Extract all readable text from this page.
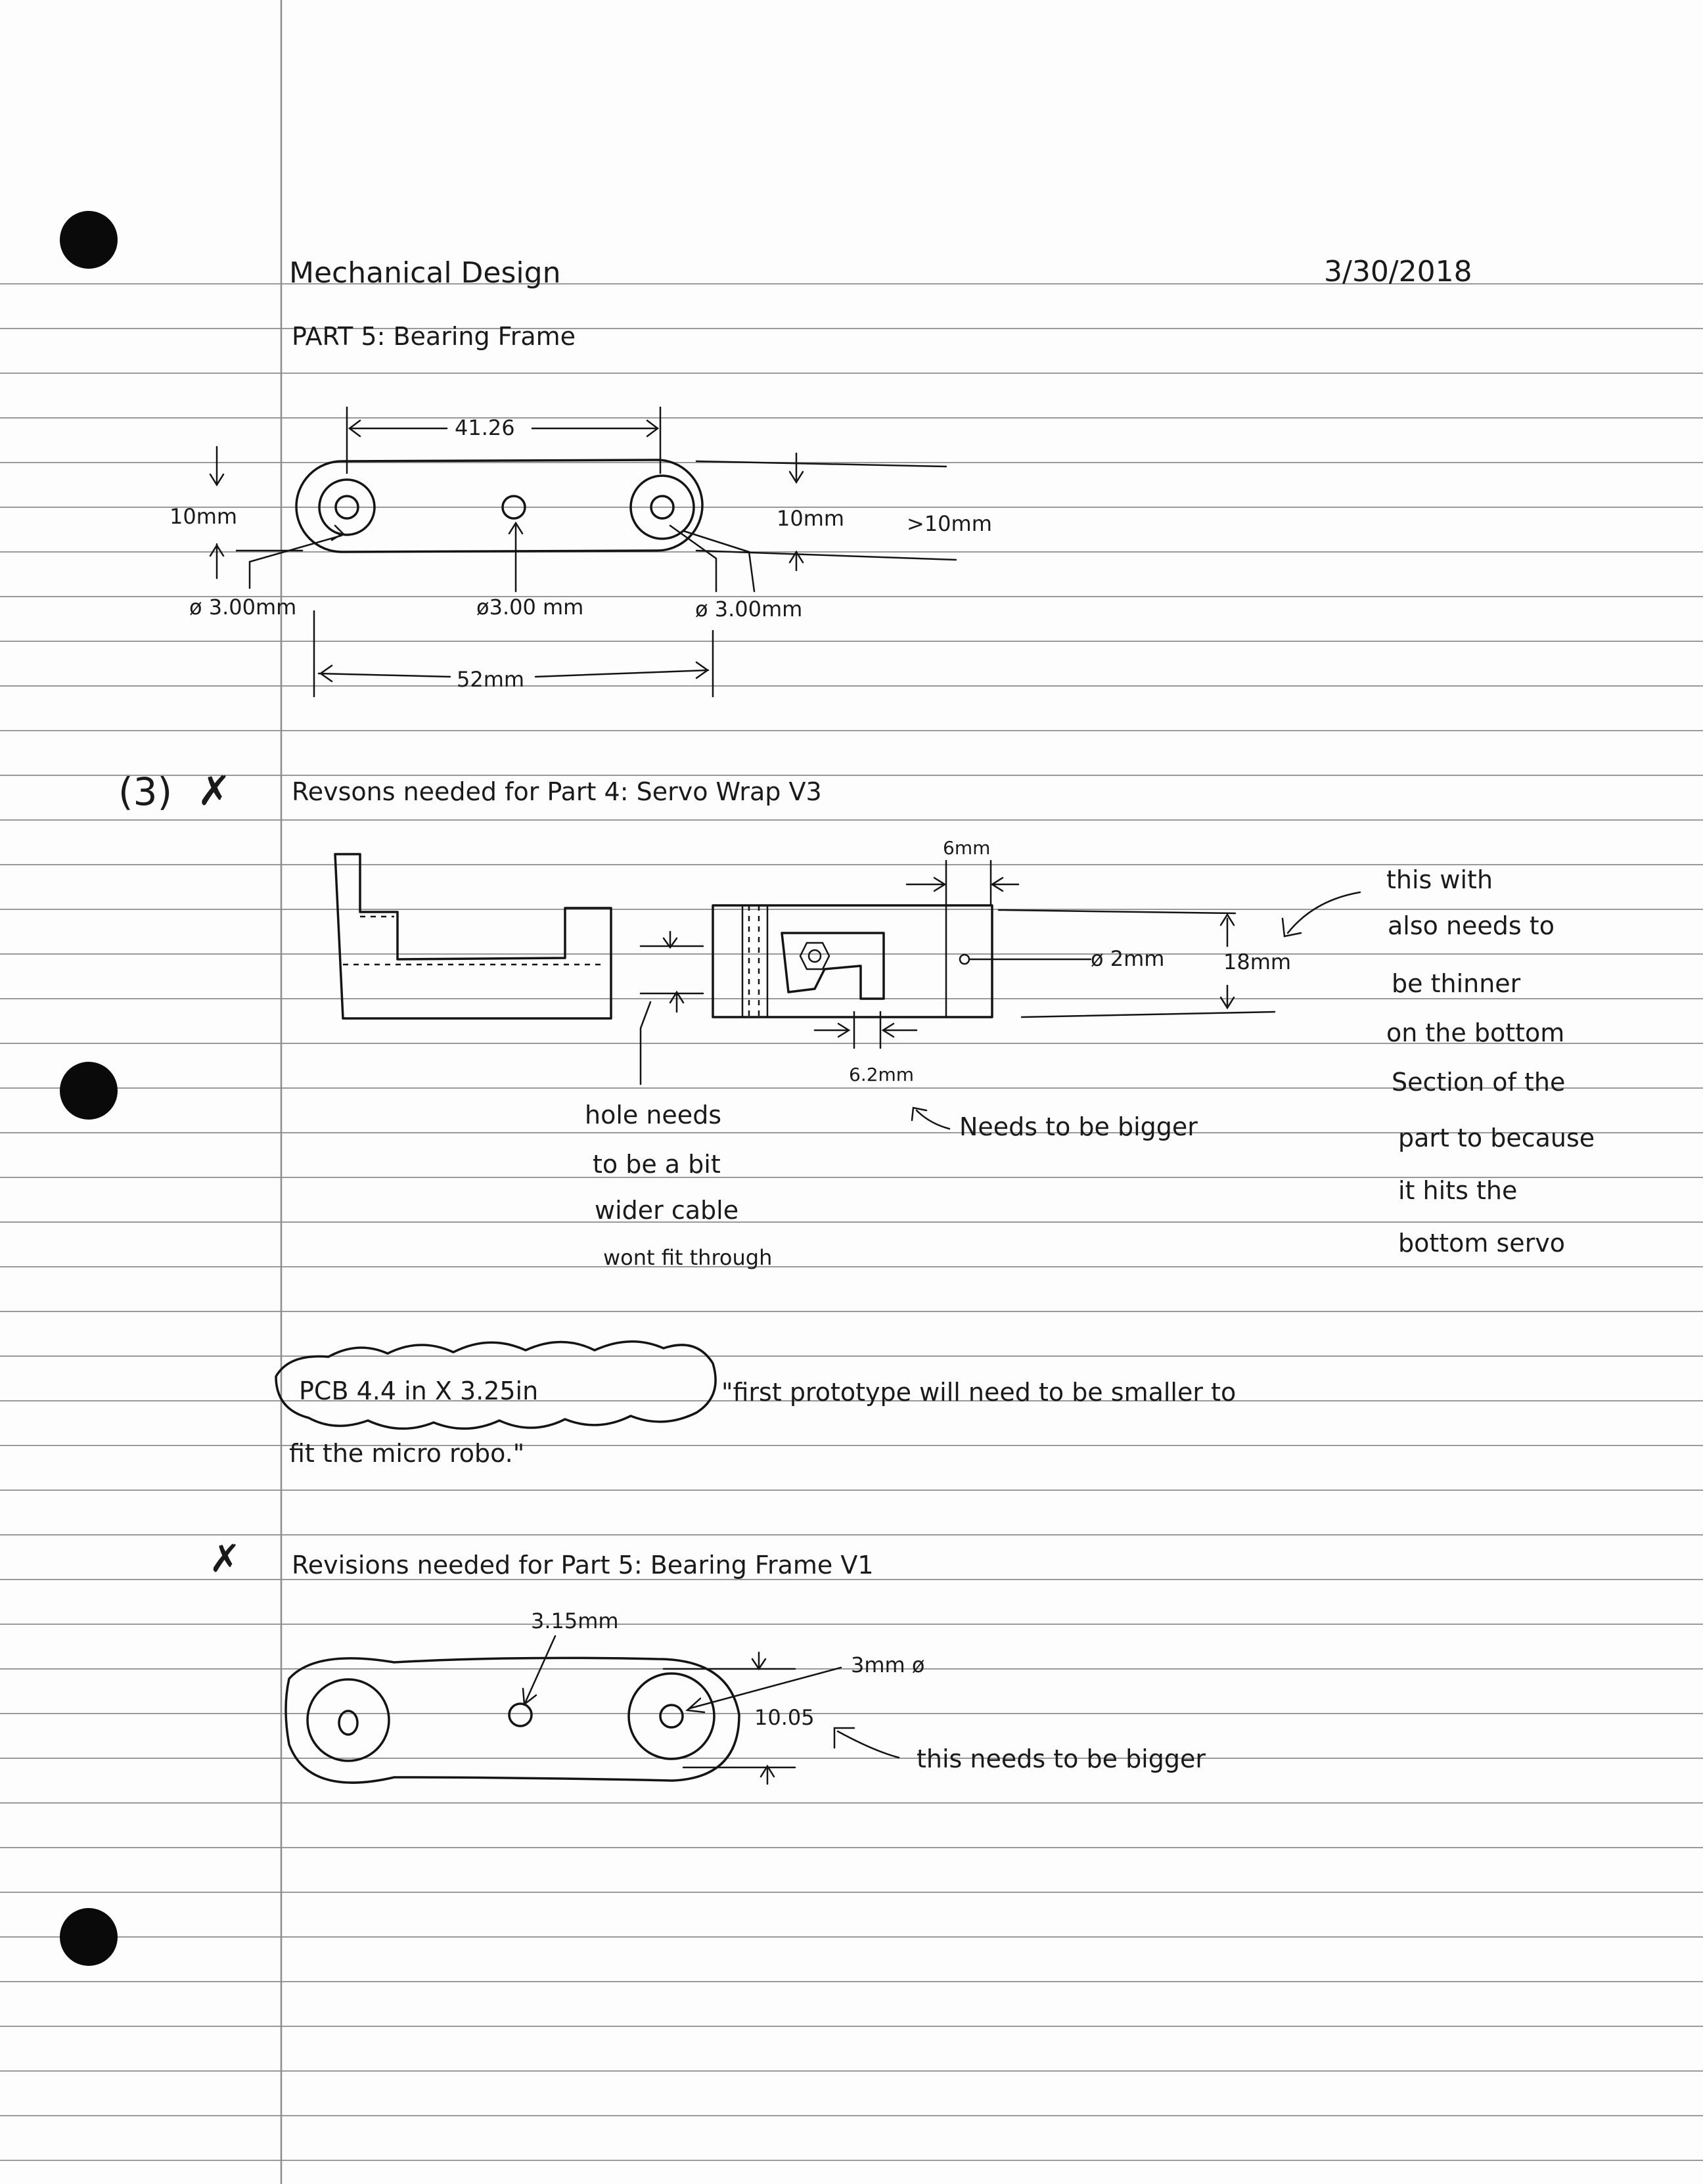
Mechanical Design	3/30/2018
PART 5: Bearing Frame
41.26
10mm	10mm	>10mm
ø 3.00mm	ø3.00 mm	ø 3.00mm
52mm
(3) ✗ Revsons needed for Part 4: Servo Wrap V3
6mm
ø 2mm	18mm
6.2mm
hole needs
to be a bit
wider cable
wont fit through
Needs to be bigger
this with
also needs to
be thinner
on the bottom
Section of the
part to because
it hits the
bottom servo
PCB 4.4 in X 3.25in	"first prototype will need to be smaller to
fit the micro robo."
✗ Revisions needed for Part 5: Bearing Frame V1
3.15mm
3mm ø
10.05
this needs to be bigger
